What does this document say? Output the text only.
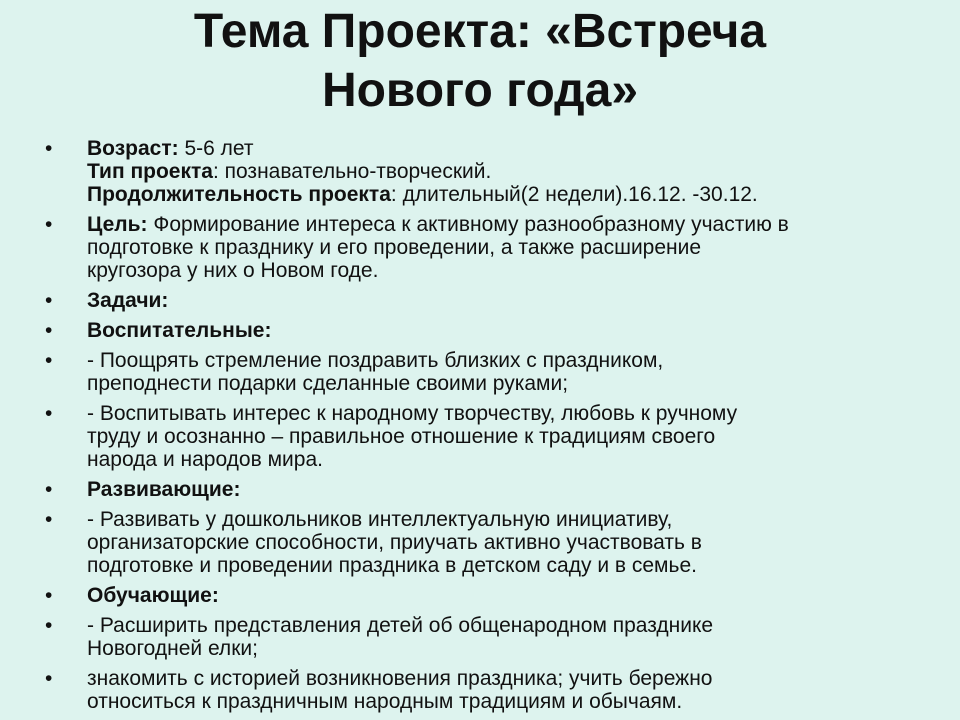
Тема Проекта: «Встреча
Нового года»
• Возраст: 5-6 лет
Тип проекта: познавательно-творческий.
Продолжительность проекта: длительный(2 недели).16.12. -30.12.
• Цель: Формирование интереса к активному разнообразному участию в
подготовке к празднику и его проведении, а также расширение
кругозора у них о Новом годе.
• Задачи:
• Воспитательные:
• - Поощрять стремление поздравить близких с праздником,
преподнести подарки сделанные своими руками;
• - Воспитывать интерес к народному творчеству, любовь к ручному
труду и осознанно – правильное отношение к традициям своего
народа и народов мира.
• Развивающие:
• - Развивать у дошкольников интеллектуальную инициативу,
организаторские способности, приучать активно участвовать в
подготовке и проведении праздника в детском саду и в семье.
• Обучающие:
• - Расширить представления детей об общенародном празднике
Новогодней елки;
• знакомить с историей возникновения праздника; учить бережно
относиться к праздничным народным традициям и обычаям.
